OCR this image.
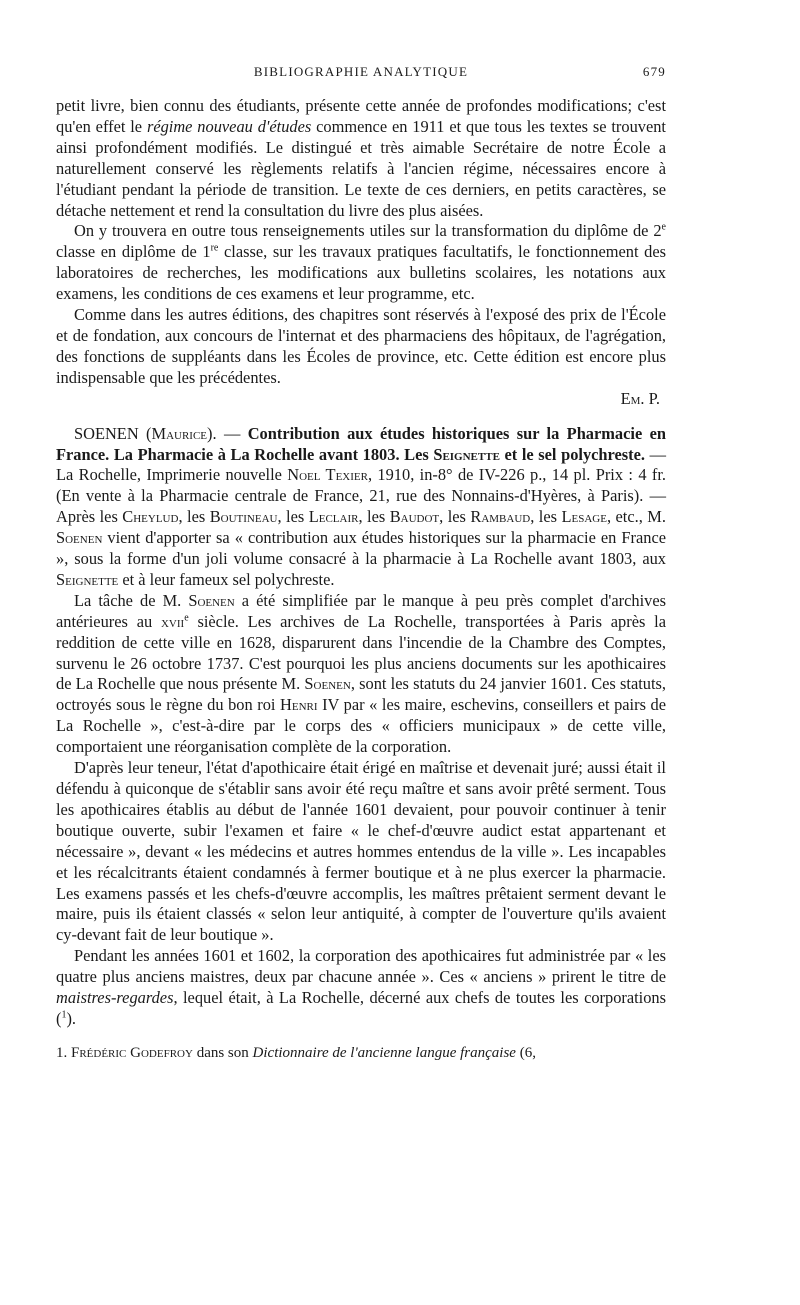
BIBLIOGRAPHIE ANALYTIQUE	679

petit livre, bien connu des étudiants, présente cette année de profondes modifications; c'est qu'en effet le régime nouveau d'études commence en 1911 et que tous les textes se trouvent ainsi profondément modifiés. Le distingué et très aimable Secrétaire de notre École a naturellement conservé les règlements relatifs à l'ancien régime, nécessaires encore à l'étudiant pendant la période de transition. Le texte de ces derniers, en petits caractères, se détache nettement et rend la consultation du livre des plus aisées.

On y trouvera en outre tous renseignements utiles sur la transformation du diplôme de 2e classe en diplôme de 1re classe, sur les travaux pratiques facultatifs, le fonctionnement des laboratoires de recherches, les modifications aux bulletins scolaires, les notations aux examens, les conditions de ces examens et leur programme, etc.

Comme dans les autres éditions, des chapitres sont réservés à l'exposé des prix de l'École et de fondation, aux concours de l'internat et des pharmaciens des hôpitaux, de l'agrégation, des fonctions de suppléants dans les Écoles de province, etc. Cette édition est encore plus indispensable que les précédentes.

Em. P.

SOENEN (Maurice). — Contribution aux études historiques sur la Pharmacie en France. La Pharmacie à La Rochelle avant 1803. Les Seignette et le sel polychreste. — La Rochelle, Imprimerie nouvelle Noel Texier, 1910, in-8° de IV-226 p., 14 pl. Prix : 4 fr. (En vente à la Pharmacie centrale de France, 21, rue des Nonnains-d'Hyères, à Paris). — Après les Cheylud, les Boutineau, les Leclair, les Baudot, les Rambaud, les Lesage, etc., M. Soenen vient d'apporter sa « contribution aux études historiques sur la pharmacie en France », sous la forme d'un joli volume consacré à la pharmacie à La Rochelle avant 1803, aux Seignette et à leur fameux sel polychreste.

La tâche de M. Soenen a été simplifiée par le manque à peu près complet d'archives antérieures au xvii$^e$ siècle. Les archives de La Rochelle, transportées à Paris après la reddition de cette ville en 1628, disparurent dans l'incendie de la Chambre des Comptes, survenu le 26 octobre 1737. C'est pourquoi les plus anciens documents sur les apothicaires de La Rochelle que nous présente M. Soenen, sont les statuts du 24 janvier 1601. Ces statuts, octroyés sous le règne du bon roi Henri IV par « les maire, eschevins, conseillers et pairs de La Rochelle », c'est-à-dire par le corps des « officiers municipaux » de cette ville, comportaient une réorganisation complète de la corporation.

D'après leur teneur, l'état d'apothicaire était érigé en maîtrise et devenait juré; aussi était il défendu à quiconque de s'établir sans avoir été reçu maître et sans avoir prêté serment. Tous les apothicaires établis au début de l'année 1601 devaient, pour pouvoir continuer à tenir boutique ouverte, subir l'examen et faire « le chef-d'œuvre audict estat appartenant et nécessaire », devant « les médecins et autres hommes entendus de la ville ». Les incapables et les récalcitrants étaient condamnés à fermer boutique et à ne plus exercer la pharmacie. Les examens passés et les chefs-d'œuvre accomplis, les maîtres prêtaient serment devant le maire, puis ils étaient classés « selon leur antiquité, à compter de l'ouverture qu'ils avaient cy-devant fait de leur boutique ».

Pendant les années 1601 et 1602, la corporation des apothicaires fut administrée par « les quatre plus anciens maistres, deux par chacune année ». Ces « anciens » prirent le titre de maistres-regardes, lequel était, à La Rochelle, décerné aux chefs de toutes les corporations ($^1$).

1. Frédéric Godefroy dans son Dictionnaire de l'ancienne langue française (6,
